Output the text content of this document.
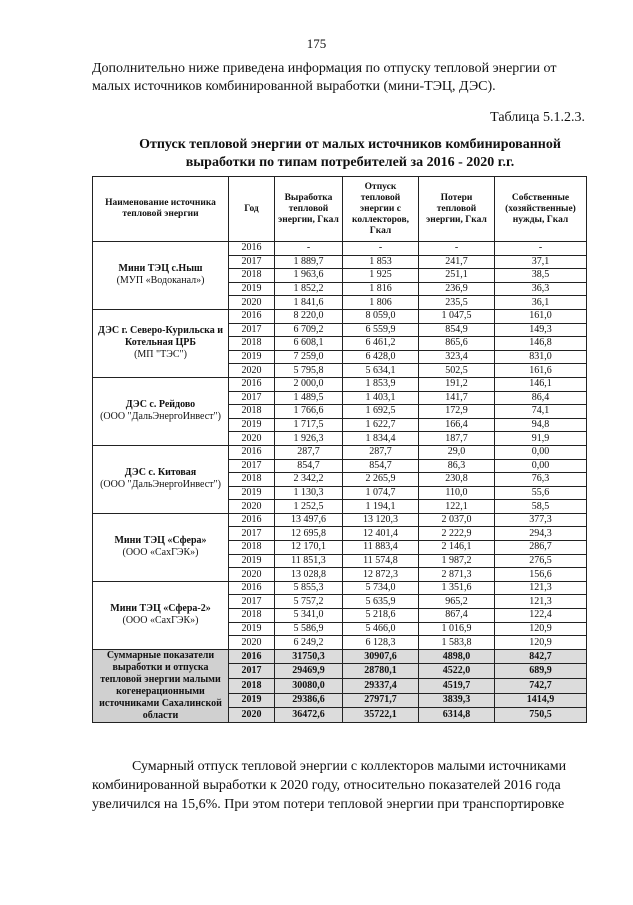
175
Дополнительно ниже приведена информация по отпуску тепловой энергии от малых источников комбинированной выработки (мини-ТЭЦ, ДЭС).
Таблица 5.1.2.3.
Отпуск тепловой энергии от малых источников комбинированной выработки по типам потребителей за 2016 - 2020 г.г.
Наименование источника тепловой энергии	Год	Выработка тепловой энергии, Гкал	Отпуск тепловой энергии с коллекторов, Гкал	Потери тепловой энергии, Гкал	Собственные (хозяйственные) нужды, Гкал

Мини ТЭЦ с.Ныш
(МУП «Водоканал»)	2016	-	-	-	-
	2017	1 889,7	1 853	241,7	37,1
	2018	1 963,6	1 925	251,1	38,5
	2019	1 852,2	1 816	236,9	36,3
	2020	1 841,6	1 806	235,5	36,1

ДЭС г. Северо-Курильска и Котельная ЦРБ
(МП "ТЭС")	2016	8 220,0	8 059,0	1 047,5	161,0
	2017	6 709,2	6 559,9	854,9	149,3
	2018	6 608,1	6 461,2	865,6	146,8
	2019	7 259,0	6 428,0	323,4	831,0
	2020	5 795,8	5 634,1	502,5	161,6

ДЭС с. Рейдово
(ООО "ДальЭнергоИнвест")	2016	2 000,0	1 853,9	191,2	146,1
	2017	1 489,5	1 403,1	141,7	86,4
	2018	1 766,6	1 692,5	172,9	74,1
	2019	1 717,5	1 622,7	166,4	94,8
	2020	1 926,3	1 834,4	187,7	91,9

ДЭС с. Китовая
(ООО "ДальЭнергоИнвест")	2016	287,7	287,7	29,0	0,00
	2017	854,7	854,7	86,3	0,00
	2018	2 342,2	2 265,9	230,8	76,3
	2019	1 130,3	1 074,7	110,0	55,6
	2020	1 252,5	1 194,1	122,1	58,5

Мини ТЭЦ «Сфера»
(ООО «СахГЭК»)	2016	13 497,6	13 120,3	2 037,0	377,3
	2017	12 695,8	12 401,4	2 222,9	294,3
	2018	12 170,1	11 883,4	2 146,1	286,7
	2019	11 851,3	11 574,8	1 987,2	276,5
	2020	13 028,8	12 872,3	2 871,3	156,6

Мини ТЭЦ «Сфера-2»
(ООО «СахГЭК»)	2016	5 855,3	5 734,0	1 351,6	121,3
	2017	5 757,2	5 635,9	965,2	121,3
	2018	5 341,0	5 218,6	867,4	122,4
	2019	5 586,9	5 466,0	1 016,9	120,9
	2020	6 249,2	6 128,3	1 583,8	120,9
Суммарные показатели выработки и отпуска тепловой энергии малыми когенерационными источниками Сахалинской области	2016	31750,3	30907,6	4898,0	842,7
	2017	29469,9	28780,1	4522,0	689,9
	2018	30080,0	29337,4	4519,7	742,7
	2019	29386,6	27971,7	3839,3	1414,9
	2020	36472,6	35722,1	6314,8	750,5
Сумарный отпуск тепловой энергии с коллекторов малыми источниками комбинированной выработки к 2020 году, относительно показателей 2016 года увеличился на 15,6%. При этом потери тепловой энергии при транспортировке
